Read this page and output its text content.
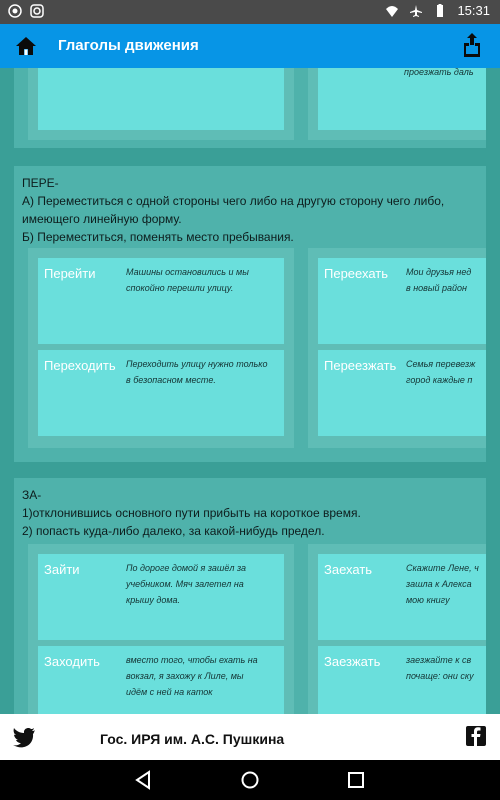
15:31
Глаголы движения
проезжать даль
ПЕРЕ-
А) Переместиться с одной стороны чего либо на другую сторону чего либо, имеющего линейную форму.
Б) Переместиться, поменять место пребывания.
Перейти	Машины остановились и мы
спокойно перешли улицу.
Переходить Переходить улицу нужно только
в безопасном месте.
Переехать Мои друзья нед
в новый район
Переезжать Семья перевезж
город каждые п
ЗА-
1)отклонившись основного пути прибыть на короткое время.
2) попасть куда-либо далеко, за какой-нибудь предел.
Зайти	По дороге домой я зашёл за
учебником. Мяч залетел на
крышу дома.
Заходить	вместо того, чтобы ехать на
вокзал, я захожу к Лиле, мы
идём с ней на каток
Заехать	Скажите Лене, ч
зашла к Алекса
мою книгу
Заезжать	заезжайте к св
почаще: они ску
Гос. ИРЯ им. А.С. Пушкина
